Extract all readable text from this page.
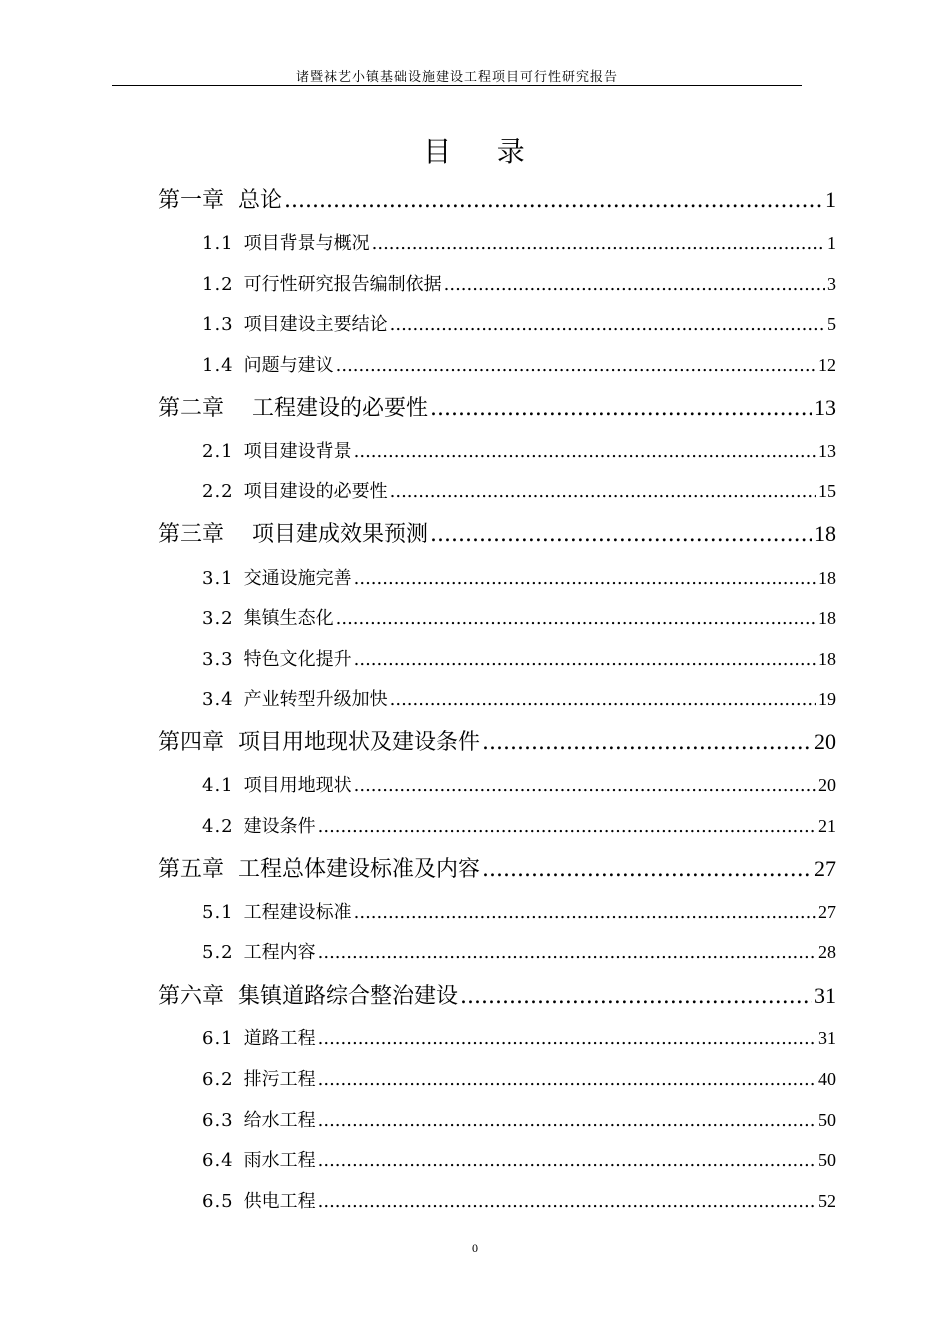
诸暨袜艺小镇基础设施建设工程项目可行性研究报告
目    录
第一章 总论 .....	1
1.1 项目背景与概况 .....	1
1.2 可行性研究报告编制依据 .....	3
1.3 项目建设主要结论 .....	5
1.4 问题与建议 .....	12
第二章 工程建设的必要性 .....	13
2.1 项目建设背景 .....	13
2.2 项目建设的必要性 .....	15
第三章 项目建成效果预测 .....	18
3.1 交通设施完善 .....	18
3.2 集镇生态化 .....	18
3.3 特色文化提升 .....	18
3.4 产业转型升级加快 .....	19
第四章 项目用地现状及建设条件 .....	20
4.1 项目用地现状 .....	20
4.2 建设条件 .....	21
第五章 工程总体建设标准及内容 .....	27
5.1 工程建设标准 .....	27
5.2 工程内容 .....	28
第六章 集镇道路综合整治建设 .....	31
6.1 道路工程 .....	31
6.2 排污工程 .....	40
6.3 给水工程 .....	50
6.4 雨水工程 .....	50
6.5 供电工程 .....	52
0
